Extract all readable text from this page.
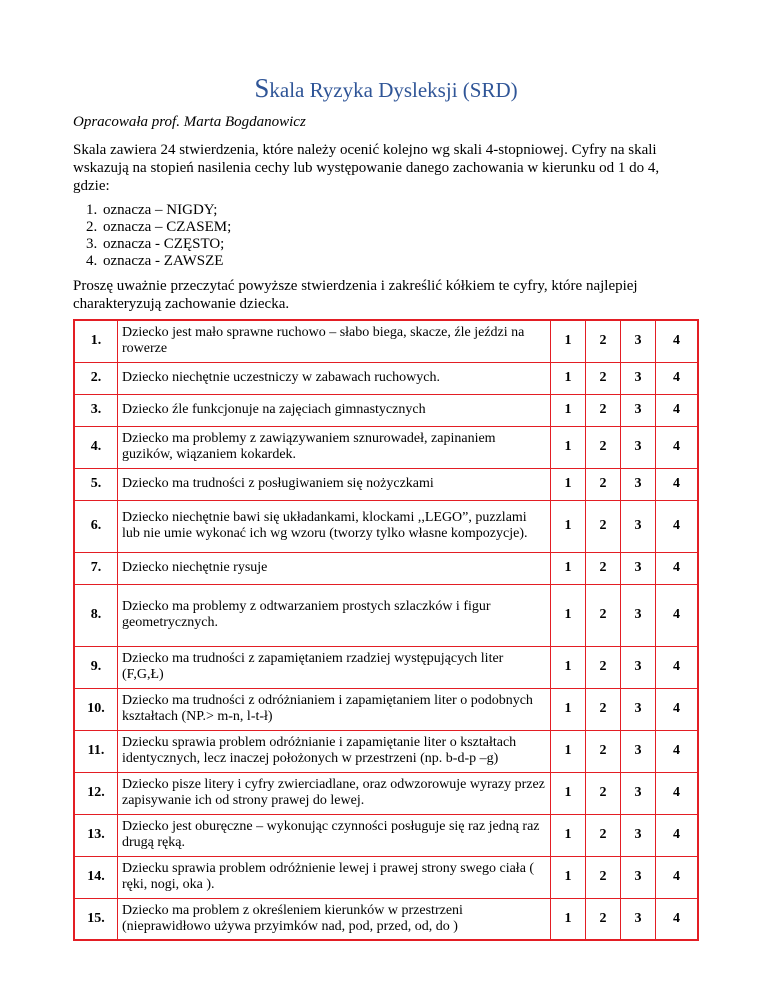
Skala Ryzyka Dysleksji (SRD)
Opracowała prof. Marta Bogdanowicz
Skala zawiera 24 stwierdzenia, które należy ocenić kolejno wg skali 4-stopniowej. Cyfry na skali wskazują na stopień nasilenia cechy lub występowanie danego zachowania w kierunku od 1 do 4, gdzie:
1. oznacza – NIGDY;
2. oznacza – CZASEM;
3. oznacza - CZĘSTO;
4. oznacza - ZAWSZE
Proszę uważnie przeczytać powyższe stwierdzenia i zakreślić kółkiem te cyfry, które najlepiej charakteryzują zachowanie dziecka.
1.	Dziecko jest mało sprawne ruchowo – słabo biega, skacze, źle jeździ na rowerze	1	2	3	4
2.	Dziecko niechętnie uczestniczy w zabawach ruchowych.	1	2	3	4
3.	Dziecko źle funkcjonuje na zajęciach gimnastycznych	1	2	3	4
4.	Dziecko ma problemy z zawiązywaniem sznurowadeł, zapinaniem guzików, wiązaniem kokardek.	1	2	3	4
5.	Dziecko ma trudności z posługiwaniem się nożyczkami	1	2	3	4
6.	Dziecko niechętnie bawi się układankami, klockami ,,LEGO”, puzzlami lub nie umie wykonać ich wg wzoru (tworzy tylko własne kompozycje).	1	2	3	4
7.	Dziecko niechętnie rysuje	1	2	3	4
8.	Dziecko ma problemy z odtwarzaniem prostych szlaczków i figur geometrycznych.	1	2	3	4
9.	Dziecko ma trudności z zapamiętaniem rzadziej występujących liter (F,G,Ł)	1	2	3	4
10.	Dziecko ma trudności z odróżnianiem i zapamiętaniem liter o podobnych kształtach (NP.> m-n, l-t-ł)	1	2	3	4
11.	Dziecku sprawia problem odróżnianie i zapamiętanie liter o kształtach identycznych, lecz inaczej położonych w przestrzeni (np. b-d-p –g)	1	2	3	4
12.	Dziecko pisze litery i cyfry zwierciadlane, oraz odwzorowuje wyrazy przez zapisywanie ich od strony prawej do lewej.	1	2	3	4
13.	Dziecko jest oburęczne – wykonując czynności posługuje się raz jedną raz drugą ręką.	1	2	3	4
14.	Dziecku sprawia problem odróżnienie lewej i prawej strony swego ciała ( ręki, nogi, oka ).	1	2	3	4
15.	Dziecko ma problem z określeniem kierunków w przestrzeni (nieprawidłowo używa przyimków nad, pod, przed, od, do )	1	2	3	4
